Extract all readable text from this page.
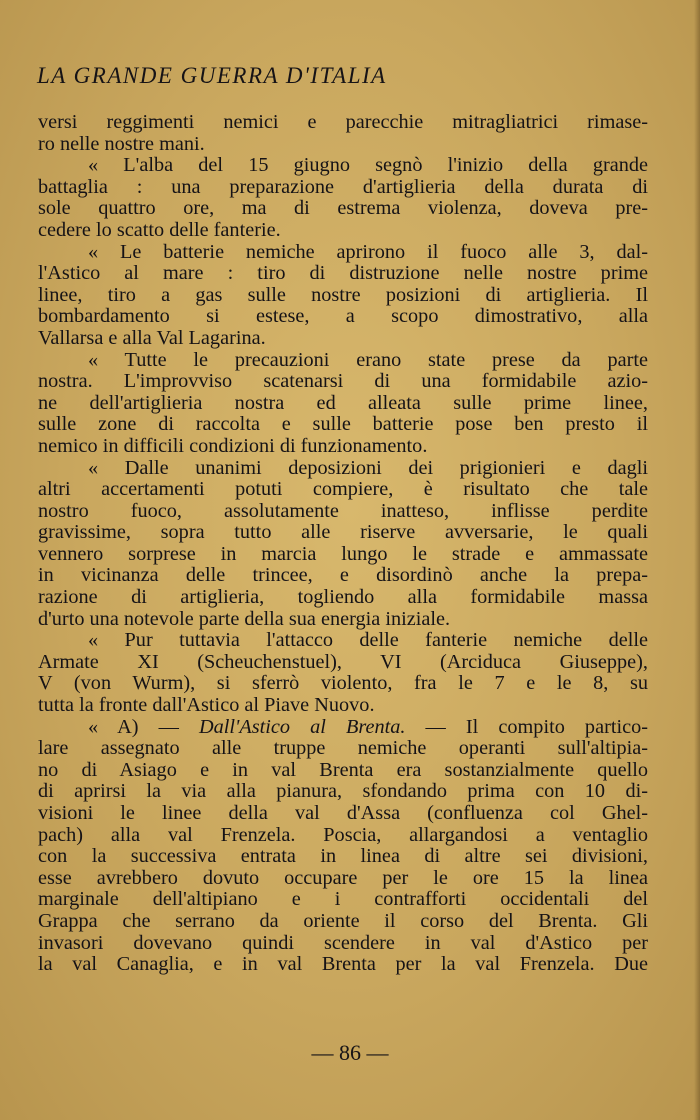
LA GRANDE GUERRA D'ITALIA
versi reggimenti nemici e parecchie mitragliatrici rimase-
ro nelle nostre mani.
« L'alba del 15 giugno segnò l'inizio della grande
battaglia : una preparazione d'artiglieria della durata di
sole quattro ore, ma di estrema violenza, doveva pre-
cedere lo scatto delle fanterie.
« Le batterie nemiche aprirono il fuoco alle 3, dal-
l'Astico al mare : tiro di distruzione nelle nostre prime
linee, tiro a gas sulle nostre posizioni di artiglieria. Il
bombardamento si estese, a scopo dimostrativo, alla
Vallarsa e alla Val Lagarina.
« Tutte le precauzioni erano state prese da parte
nostra. L'improvviso scatenarsi di una formidabile azio-
ne dell'artiglieria nostra ed alleata sulle prime linee,
sulle zone di raccolta e sulle batterie pose ben presto il
nemico in difficili condizioni di funzionamento.
« Dalle unanimi deposizioni dei prigionieri e dagli
altri accertamenti potuti compiere, è risultato che tale
nostro fuoco, assolutamente inatteso, inflisse perdite
gravissime, sopra tutto alle riserve avversarie, le quali
vennero sorprese in marcia lungo le strade e ammassate
in vicinanza delle trincee, e disordinò anche la prepa-
razione di artiglieria, togliendo alla formidabile massa
d'urto una notevole parte della sua energia iniziale.
« Pur tuttavia l'attacco delle fanterie nemiche delle
Armate XI (Scheuchenstuel), VI (Arciduca Giuseppe),
V (von Wurm), si sferrò violento, fra le 7 e le 8, su
tutta la fronte dall'Astico al Piave Nuovo.
« A) — Dall'Astico al Brenta. — Il compito partico-
lare assegnato alle truppe nemiche operanti sull'altipia-
no di Asiago e in val Brenta era sostanzialmente quello
di aprirsi la via alla pianura, sfondando prima con 10 di-
visioni le linee della val d'Assa (confluenza col Ghel-
pach) alla val Frenzela. Poscia, allargandosi a ventaglio
con la successiva entrata in linea di altre sei divisioni,
esse avrebbero dovuto occupare per le ore 15 la linea
marginale dell'altipiano e i contrafforti occidentali del
Grappa che serrano da oriente il corso del Brenta. Gli
invasori dovevano quindi scendere in val d'Astico per
la val Canaglia, e in val Brenta per la val Frenzela. Due
— 86 —
